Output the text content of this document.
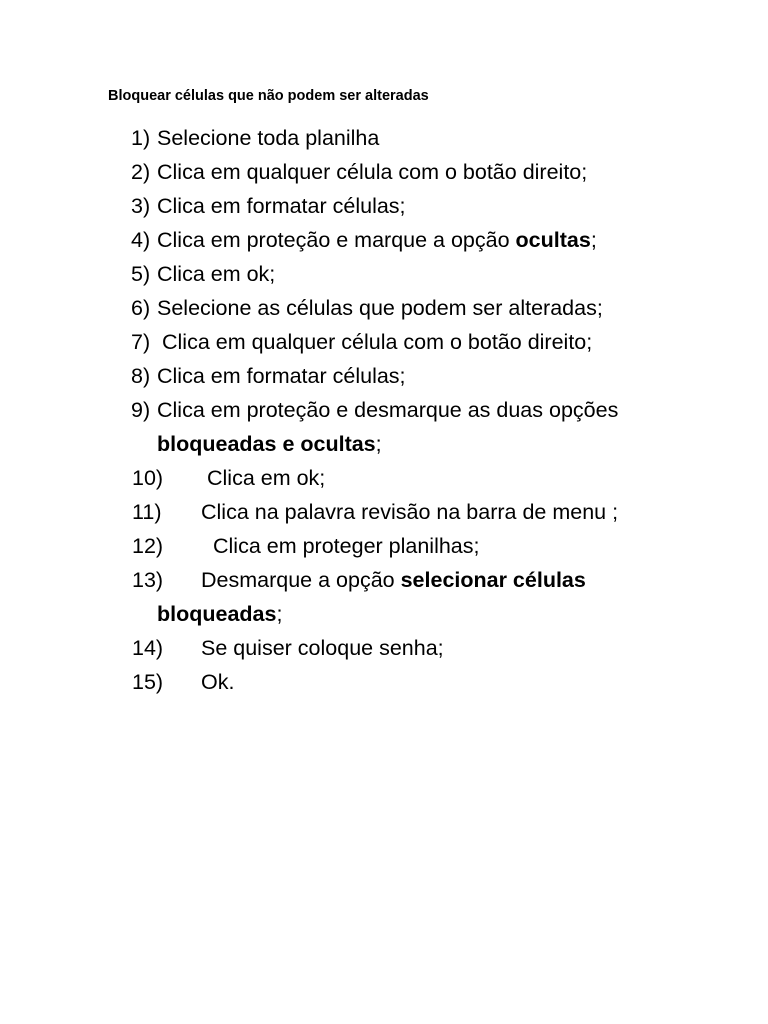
Bloquear células que não podem ser alteradas
1) Selecione toda planilha
2) Clica em qualquer célula com o botão direito;
3) Clica em formatar células;
4) Clica em proteção e marque a opção ocultas;
5) Clica em ok;
6) Selecione as células que podem ser alteradas;
7) Clica em qualquer célula com o botão direito;
8) Clica em formatar células;
9) Clica em proteção e desmarque as duas opções
bloqueadas e ocultas;
10) Clica em ok;
11) Clica na palavra revisão na barra de menu ;
12) Clica em proteger planilhas;
13) Desmarque a opção selecionar células
bloqueadas;
14) Se quiser coloque senha;
15) Ok.
